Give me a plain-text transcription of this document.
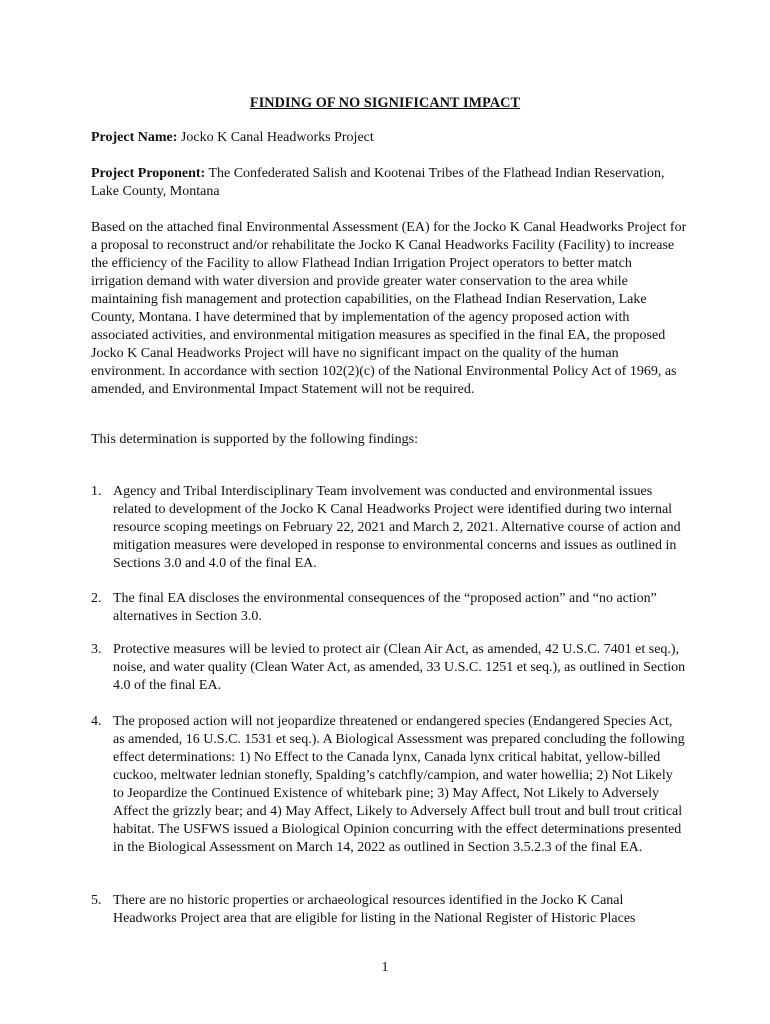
FINDING OF NO SIGNIFICANT IMPACT
Project Name: Jocko K Canal Headworks Project
Project Proponent: The Confederated Salish and Kootenai Tribes of the Flathead Indian Reservation, Lake County, Montana
Based on the attached final Environmental Assessment (EA) for the Jocko K Canal Headworks Project for a proposal to reconstruct and/or rehabilitate the Jocko K Canal Headworks Facility (Facility) to increase the efficiency of the Facility to allow Flathead Indian Irrigation Project operators to better match irrigation demand with water diversion and provide greater water conservation to the area while maintaining fish management and protection capabilities, on the Flathead Indian Reservation, Lake County, Montana. I have determined that by implementation of the agency proposed action with associated activities, and environmental mitigation measures as specified in the final EA, the proposed Jocko K Canal Headworks Project will have no significant impact on the quality of the human environment. In accordance with section 102(2)(c) of the National Environmental Policy Act of 1969, as amended, and Environmental Impact Statement will not be required.
This determination is supported by the following findings:
1. Agency and Tribal Interdisciplinary Team involvement was conducted and environmental issues related to development of the Jocko K Canal Headworks Project were identified during two internal resource scoping meetings on February 22, 2021 and March 2, 2021. Alternative course of action and mitigation measures were developed in response to environmental concerns and issues as outlined in Sections 3.0 and 4.0 of the final EA.
2. The final EA discloses the environmental consequences of the “proposed action” and “no action” alternatives in Section 3.0.
3. Protective measures will be levied to protect air (Clean Air Act, as amended, 42 U.S.C. 7401 et seq.), noise, and water quality (Clean Water Act, as amended, 33 U.S.C. 1251 et seq.), as outlined in Section 4.0 of the final EA.
4. The proposed action will not jeopardize threatened or endangered species (Endangered Species Act, as amended, 16 U.S.C. 1531 et seq.). A Biological Assessment was prepared concluding the following effect determinations: 1) No Effect to the Canada lynx, Canada lynx critical habitat, yellow-billed cuckoo, meltwater lednian stonefly, Spalding’s catchfly/campion, and water howellia; 2) Not Likely to Jeopardize the Continued Existence of whitebark pine; 3) May Affect, Not Likely to Adversely Affect the grizzly bear; and 4) May Affect, Likely to Adversely Affect bull trout and bull trout critical habitat. The USFWS issued a Biological Opinion concurring with the effect determinations presented in the Biological Assessment on March 14, 2022 as outlined in Section 3.5.2.3 of the final EA.
5. There are no historic properties or archaeological resources identified in the Jocko K Canal Headworks Project area that are eligible for listing in the National Register of Historic Places
1
